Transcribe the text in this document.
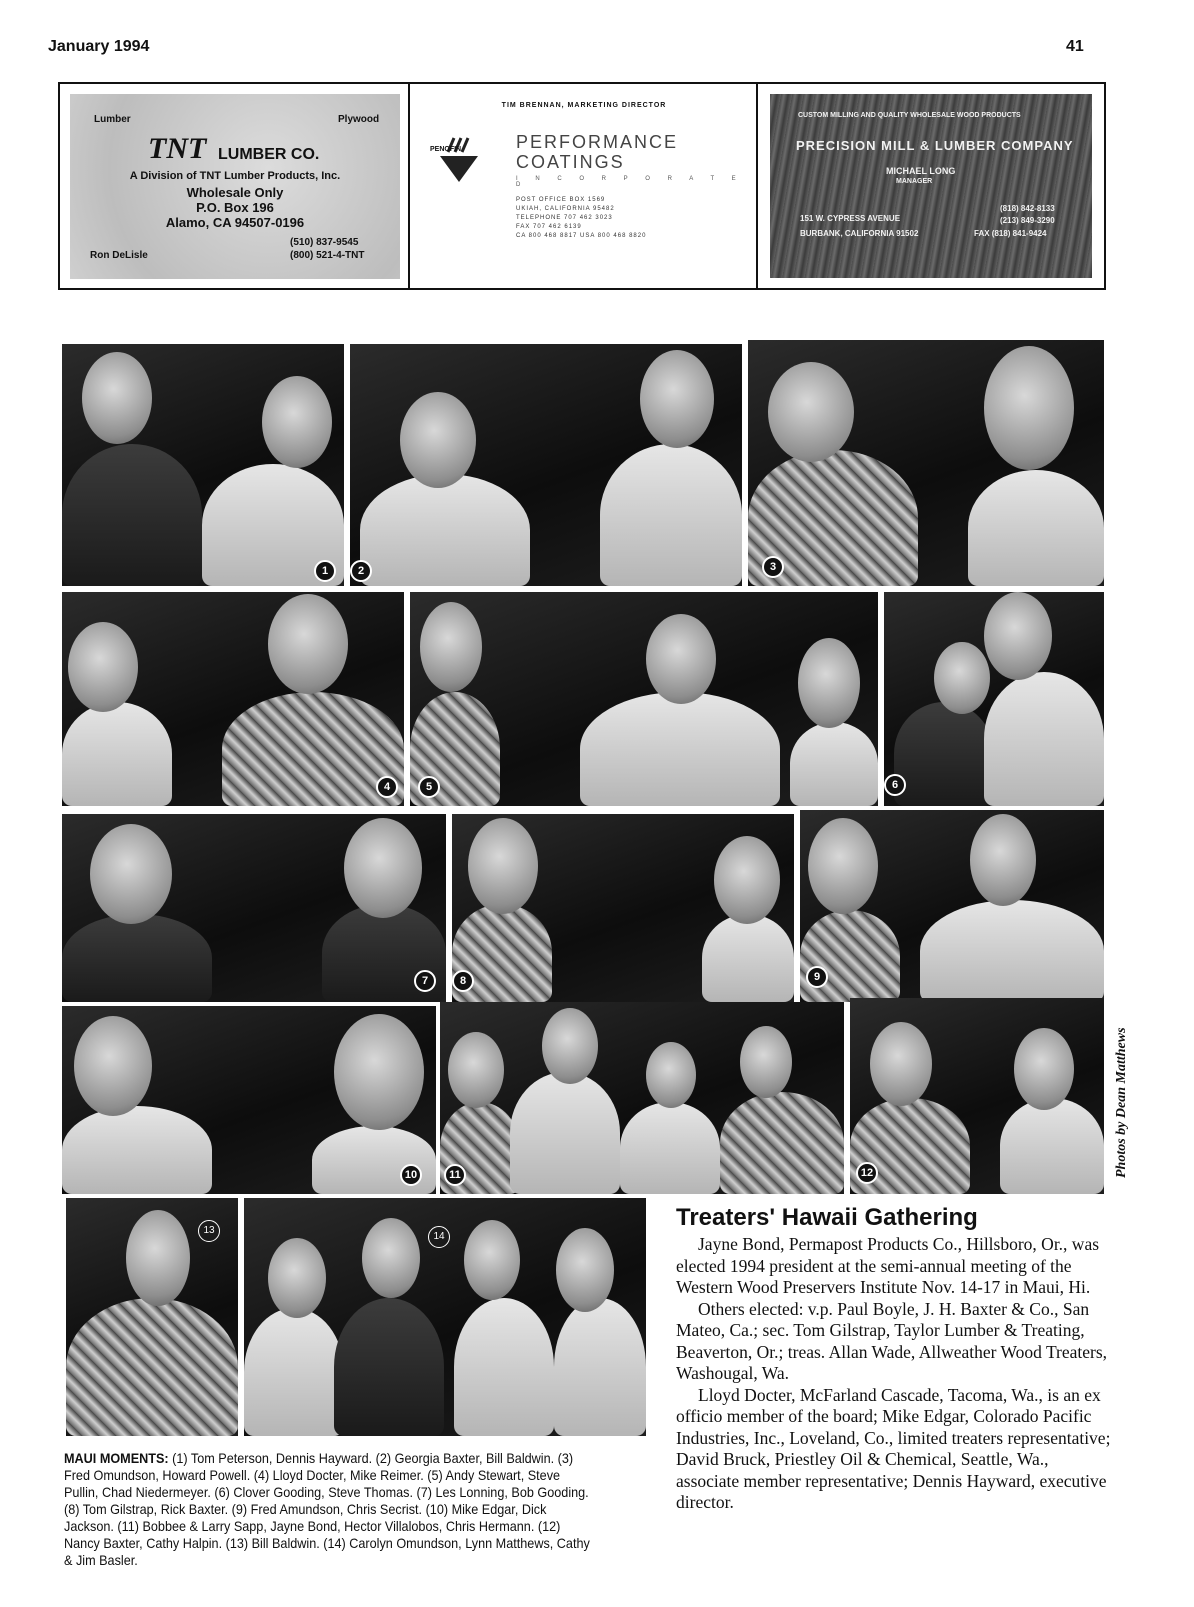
January 1994	41
Lumber	Plywood
TNT LUMBER CO.
A Division of TNT Lumber Products, Inc.
Wholesale Only
P.O. Box 196
Alamo, CA 94507-0196
(510) 837-9545
(800) 521-4-TNT
Ron DeLisle
TIM BRENNAN, MARKETING DIRECTOR
PENOFIN	PERFORMANCE
COATINGS
I N C O R P O R A T E D
POST OFFICE BOX 1569
UKIAH, CALIFORNIA 95482
TELEPHONE 707 462 3023
FAX 707 462 6139
CA 800 468 8817 USA 800 468 8820
CUSTOM MILLING AND QUALITY WHOLESALE WOOD PRODUCTS
PRECISION MILL & LUMBER COMPANY
MICHAEL LONG
MANAGER
151 W. CYPRESS AVENUE
BURBANK, CALIFORNIA 91502
(818) 842-8133
(213) 849-3290
FAX (818) 841-9424
1	2	3
4	5	6
7	8	9
10	11	12	Photos by Dean Matthews
13
14
MAUI MOMENTS: (1) Tom Peterson, Dennis Hayward. (2) Georgia Baxter, Bill Baldwin. (3) Fred Omundson, Howard Powell. (4) Lloyd Docter, Mike Reimer. (5) Andy Stewart, Steve Pullin, Chad Niedermeyer. (6) Clover Gooding, Steve Thomas. (7) Les Lonning, Bob Gooding. (8) Tom Gilstrap, Rick Baxter. (9) Fred Amundson, Chris Secrist. (10) Mike Edgar, Dick Jackson. (11) Bobbee & Larry Sapp, Jayne Bond, Hector Villalobos, Chris Hermann. (12) Nancy Baxter, Cathy Halpin. (13) Bill Baldwin. (14) Carolyn Omundson, Lynn Matthews, Cathy & Jim Basler.
Treaters' Hawaii Gathering

Jayne Bond, Permapost Products Co., Hillsboro, Or., was elected 1994 president at the semi-annual meeting of the Western Wood Preservers Institute Nov. 14-17 in Maui, Hi.

Others elected: v.p. Paul Boyle, J. H. Baxter & Co., San Mateo, Ca.; sec. Tom Gilstrap, Taylor Lumber & Treating, Beaverton, Or.; treas. Allan Wade, Allweather Wood Treaters, Washougal, Wa.

Lloyd Docter, McFarland Cascade, Tacoma, Wa., is an ex officio member of the board; Mike Edgar, Colorado Pacific Industries, Inc., Loveland, Co., limited treaters representative; David Bruck, Priestley Oil & Chemical, Seattle, Wa., associate member representative; Dennis Hayward, executive director.
